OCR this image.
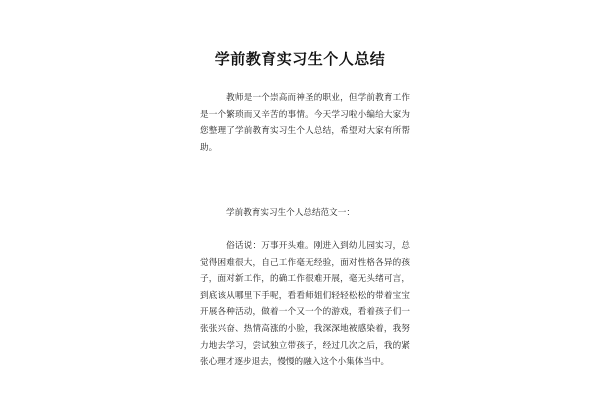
学前教育实习生个人总结

教师是一个崇高而神圣的职业，但学前教育工作是一个繁琐而又辛苦的事情。今天学习啦小编给大家为您整理了学前教育实习生个人总结，希望对大家有所帮助。

学前教育实习生个人总结范文一：

俗话说：万事开头难。刚进入到幼儿园实习，总觉得困难很大，自己工作毫无经验，面对性格各异的孩子，面对新工作，的确工作很难开展，毫无头绪可言，到底该从哪里下手呢，看看师姐们轻轻松松的带着宝宝开展各种活动，做着一个又一个的游戏，看着孩子们一张张兴奋、热情高涨的小脸，我深深地被感染着，我努力地去学习，尝试独立带孩子，经过几次之后，我的紧张心理才逐步退去，慢慢的融入这个小集体当中。
